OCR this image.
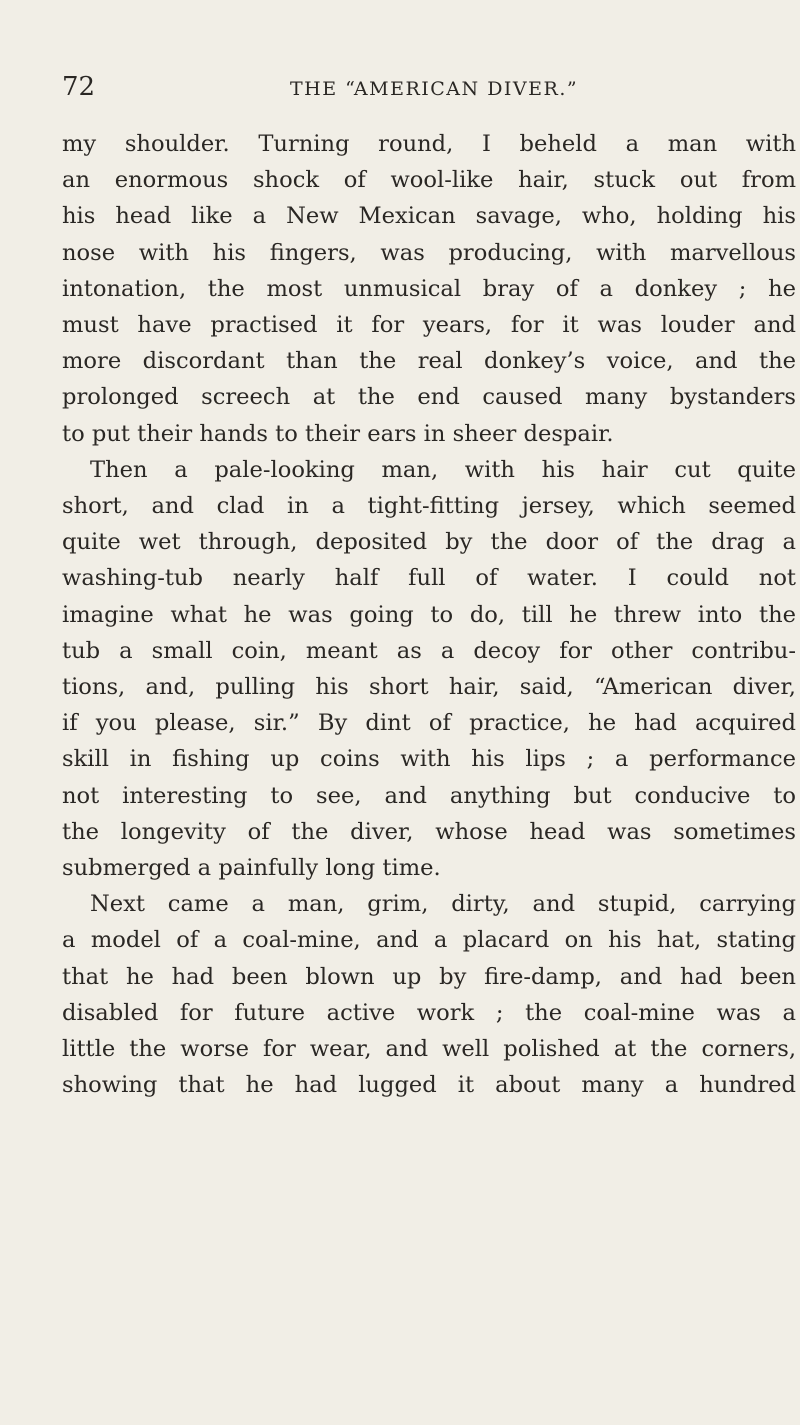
72	THE “AMERICAN DIVER.”
my shoulder. Turning round, I beheld a man with
an enormous shock of wool-like hair, stuck out from
his head like a New Mexican savage, who, holding his
nose with his fingers, was producing, with marvellous
intonation, the most unmusical bray of a donkey ; he
must have practised it for years, for it was louder and
more discordant than the real donkey’s voice, and the
prolonged screech at the end caused many bystanders
to put their hands to their ears in sheer despair.
Then a pale-looking man, with his hair cut quite
short, and clad in a tight-fitting jersey, which seemed
quite wet through, deposited by the door of the drag a
washing-tub nearly half full of water. I could not
imagine what he was going to do, till he threw into the
tub a small coin, meant as a decoy for other contribu-
tions, and, pulling his short hair, said, “American diver,
if you please, sir.” By dint of practice, he had acquired
skill in fishing up coins with his lips ; a performance
not interesting to see, and anything but conducive to
the longevity of the diver, whose head was sometimes
submerged a painfully long time.
Next came a man, grim, dirty, and stupid, carrying
a model of a coal-mine, and a placard on his hat, stating
that he had been blown up by fire-damp, and had been
disabled for future active work ; the coal-mine was a
little the worse for wear, and well polished at the corners,
showing that he had lugged it about many a hundred
